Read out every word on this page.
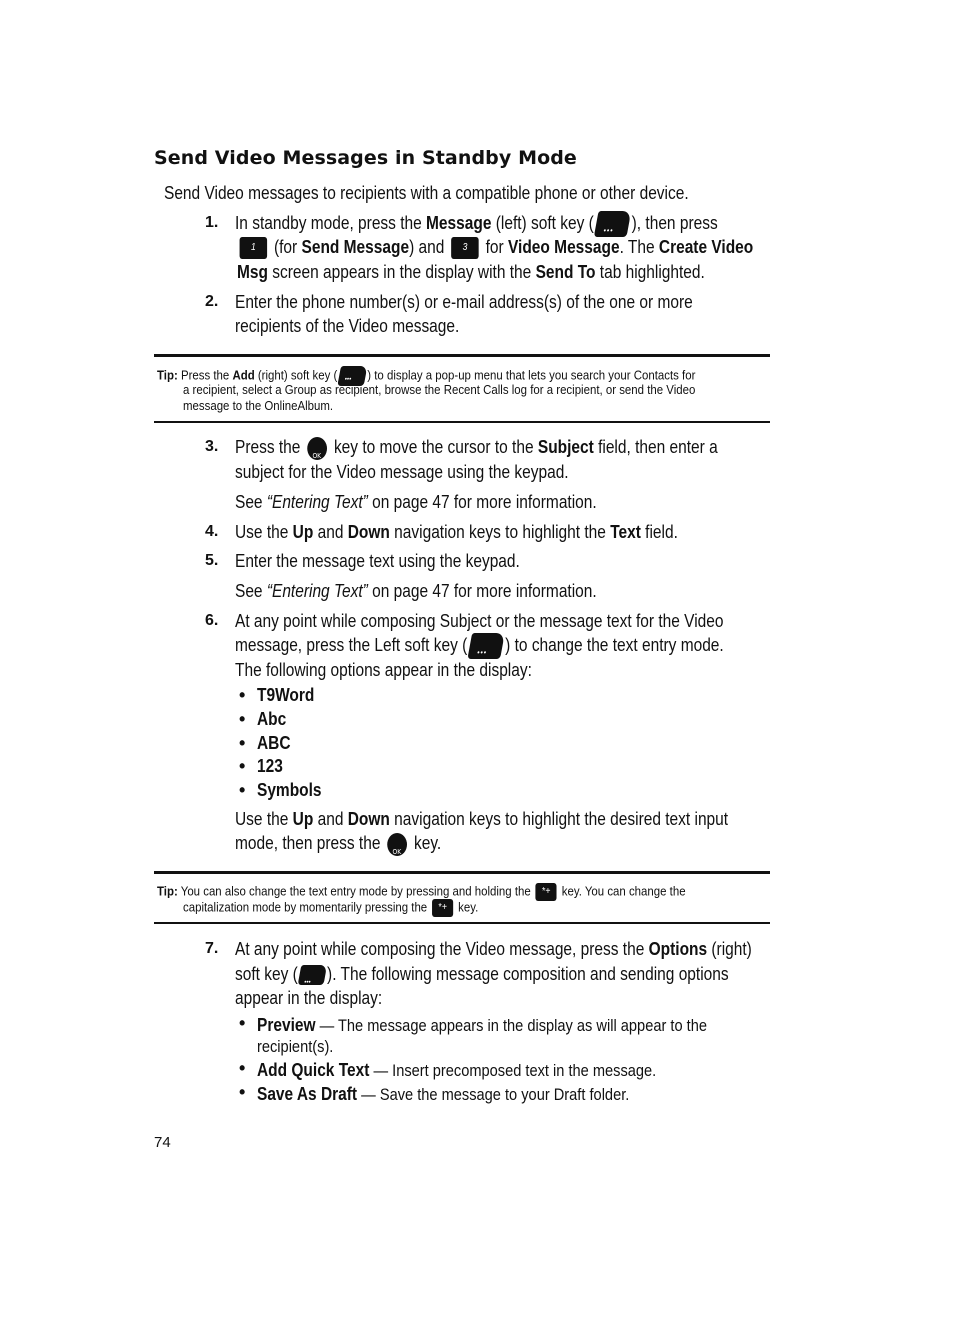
Send Video Messages in Standby Mode
Send Video messages to recipients with a compatible phone or other device.
1. In standby mode, press the Message (left) soft key ( ••• ), then press
1 (for Send Message) and 3 for Video Message. The Create Video
Msg screen appears in the display with the Send To tab highlighted.
2. Enter the phone number(s) or e-mail address(s) of the one or more
recipients of the Video message.
Tip: Press the Add (right) soft key ( ••• ) to display a pop-up menu that lets you search your Contacts for
a recipient, select a Group as recipient, browse the Recent Calls log for a recipient, or send the Video
message to the OnlineAlbum.
3. Press the OK key to move the cursor to the Subject field, then enter a
subject for the Video message using the keypad.
See “Entering Text” on page 47 for more information.
4. Use the Up and Down navigation keys to highlight the Text field.
5. Enter the message text using the keypad.
See “Entering Text” on page 47 for more information.
6. At any point while composing Subject or the message text for the Video
message, press the Left soft key ( ••• ) to change the text entry mode.
The following options appear in the display:
• T9Word
• Abc
• ABC
• 123
• Symbols
Use the Up and Down navigation keys to highlight the desired text input
mode, then press the OK key.
Tip: You can also change the text entry mode by pressing and holding the *+ key. You can change the
capitalization mode by momentarily pressing the *+ key.
7. At any point while composing the Video message, press the Options (right)
soft key ( ••• ). The following message composition and sending options
appear in the display:
• Preview — The message appears in the display as will appear to the
recipient(s).
• Add Quick Text — Insert precomposed text in the message.
• Save As Draft — Save the message to your Draft folder.
74
